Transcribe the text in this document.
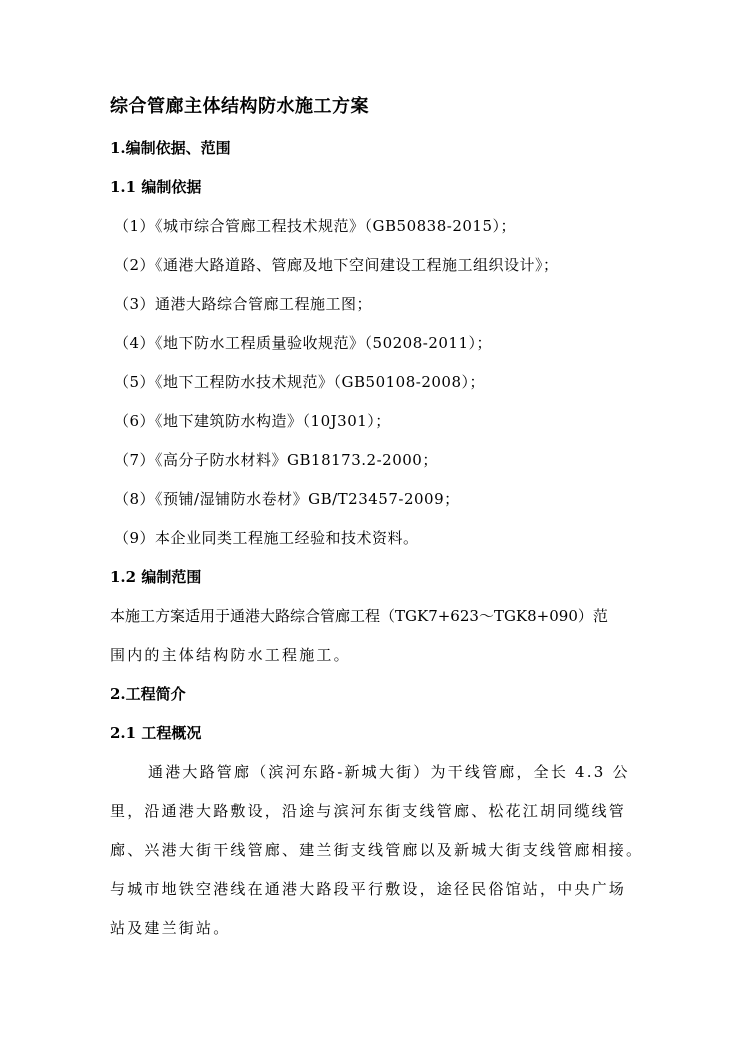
综合管廊主体结构防水施工方案
1.编制依据、范围
1.1 编制依据
（1）《城市综合管廊工程技术规范》（GB50838-2015）；
（2）《通港大路道路、管廊及地下空间建设工程施工组织设计》；
（3）通港大路综合管廊工程施工图；
（4）《地下防水工程质量验收规范》（50208-2011）；
（5）《地下工程防水技术规范》（GB50108-2008）；
（6）《地下建筑防水构造》（10J301）；
（7）《高分子防水材料》GB18173.2-2000；
（8）《预铺/湿铺防水卷材》GB/T23457-2009；
（9）本企业同类工程施工经验和技术资料。
1.2 编制范围
本施工方案适用于通港大路综合管廊工程（TGK7+623～TGK8+090）范
围内的主体结构防水工程施工。
2.工程简介
2.1 工程概况
通港大路管廊（滨河东路-新城大街）为干线管廊，全长 4.3 公
里，沿通港大路敷设，沿途与滨河东街支线管廊、松花江胡同缆线管
廊、兴港大街干线管廊、建兰街支线管廊以及新城大街支线管廊相接。
与城市地铁空港线在通港大路段平行敷设，途径民俗馆站，中央广场
站及建兰街站。
